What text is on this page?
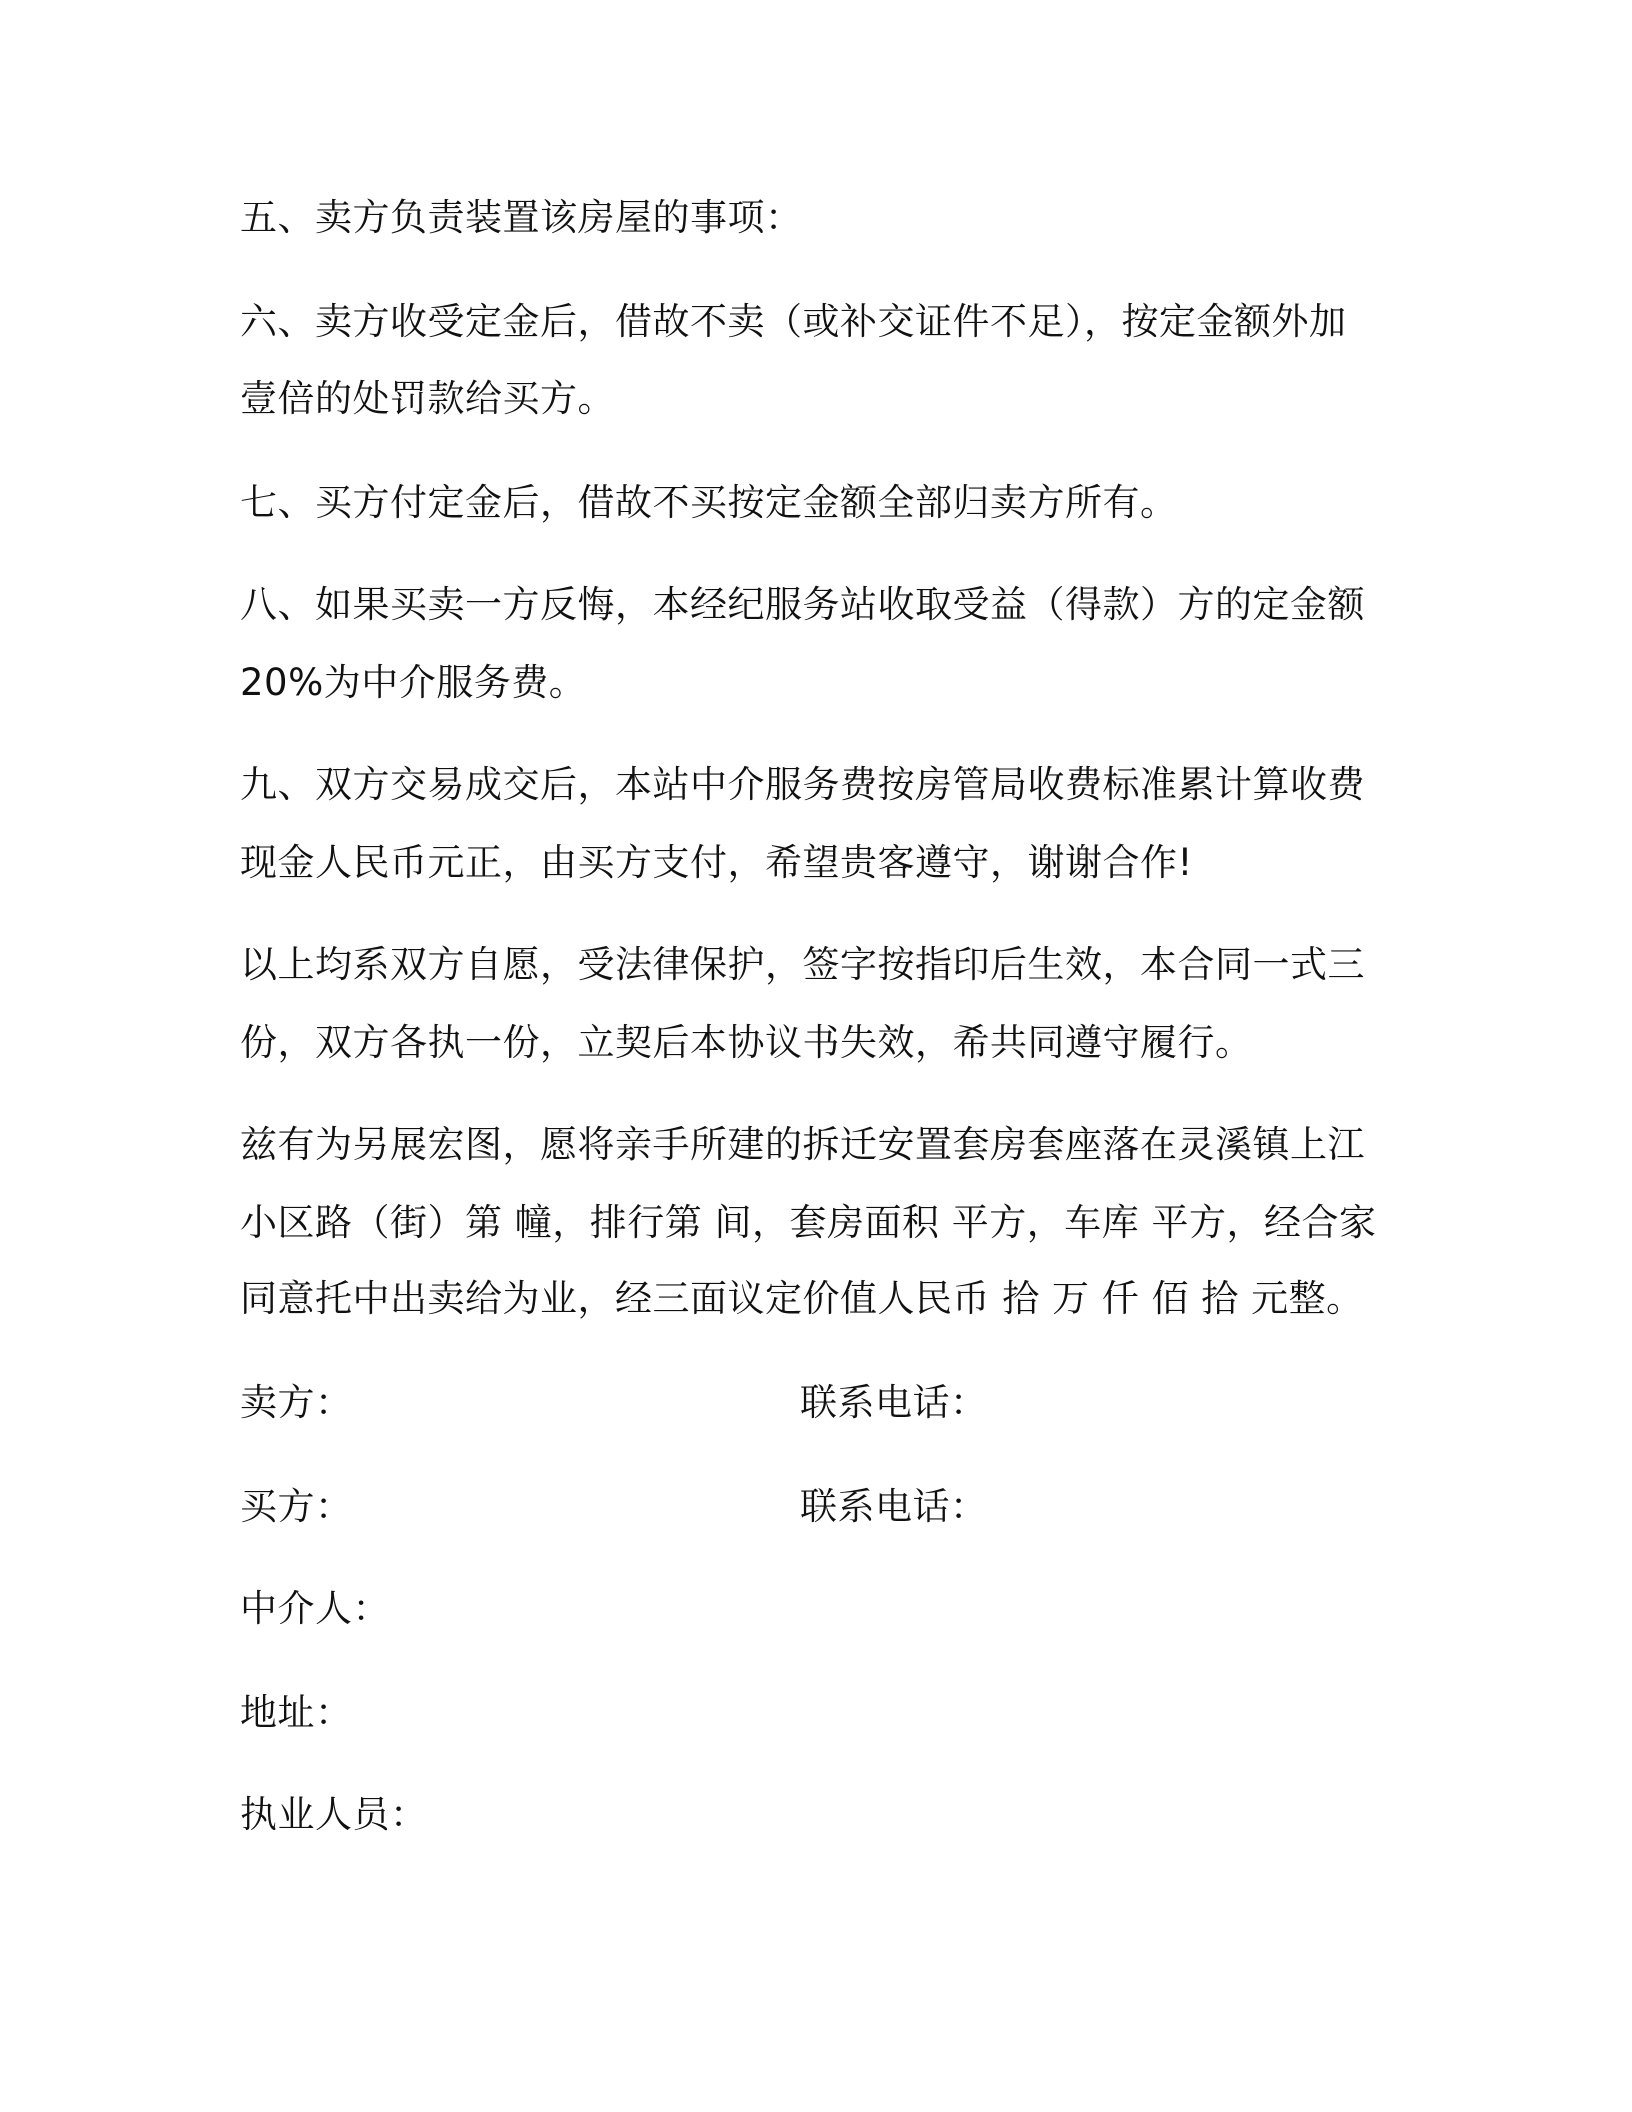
五、卖方负责装置该房屋的事项：
六、卖方收受定金后，借故不卖（或补交证件不足），按定金额外加
壹倍的处罚款给买方。
七、买方付定金后，借故不买按定金额全部归卖方所有。
八、如果买卖一方反悔，本经纪服务站收取受益（得款）方的定金额
20%为中介服务费。
九、双方交易成交后，本站中介服务费按房管局收费标准累计算收费
现金人民币元正，由买方支付，希望贵客遵守，谢谢合作!
以上均系双方自愿，受法律保护，签字按指印后生效，本合同一式三
份，双方各执一份，立契后本协议书失效，希共同遵守履行。
兹有为另展宏图，愿将亲手所建的拆迁安置套房套座落在灵溪镇上江
小区路（街）第 幢，排行第 间，套房面积 平方，车库 平方，经合家
同意托中出卖给为业，经三面议定价值人民币 拾 万 仟 佰 拾 元整。
卖方：	联系电话：
买方：	联系电话：
中介人：
地址：
执业人员：
